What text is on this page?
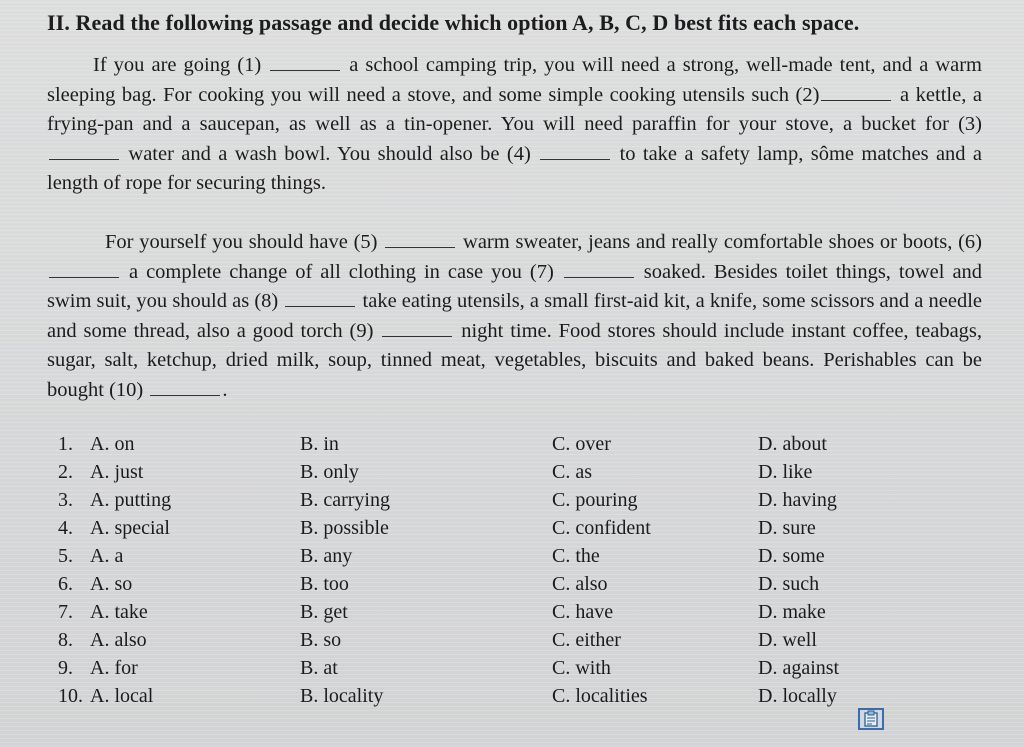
II. Read the following passage and decide which option A, B, C, D best fits each space.

If you are going (1)	a school camping trip, you will need a strong, well-made tent, and a warm sleeping bag. For cooking you will need a stove, and some simple cooking utensils such (2)	a kettle, a frying-pan and a saucepan, as well as a tin-opener. You will need paraffin for your stove, a bucket for (3)  water and a wash bowl. You should also be (4)	to take a safety lamp, sôme matches and a length of rope for securing things.

For yourself you should have (5)	warm sweater, jeans and really comfortable shoes or boots, (6)  a complete change of all clothing in case you (7)	soaked. Besides toilet things, towel and swim suit, you should as (8)	take eating utensils, a small first-aid kit, a knife, some scissors and a needle and some thread, also a good torch (9)	night time. Food stores should include instant coffee, teabags, sugar, salt, ketchup, dried milk, soup, tinned meat, vegetables, biscuits and baked beans. Perishables can be bought (10)	.

1. A. on	B. in	C. over	D. about
2. A. just	B. only	C. as	D. like
3. A. putting	B. carrying	C. pouring	D. having
4. A. special	B. possible	C. confident	D. sure
5. A. a	B. any	C. the	D. some
6. A. so	B. too	C. also	D. such
7. A. take	B. get	C. have	D. make
8. A. also	B. so	C. either	D. well
9. A. for	B. at	C. with	D. against
10. A. local	B. locality	C. localities	D. locally
